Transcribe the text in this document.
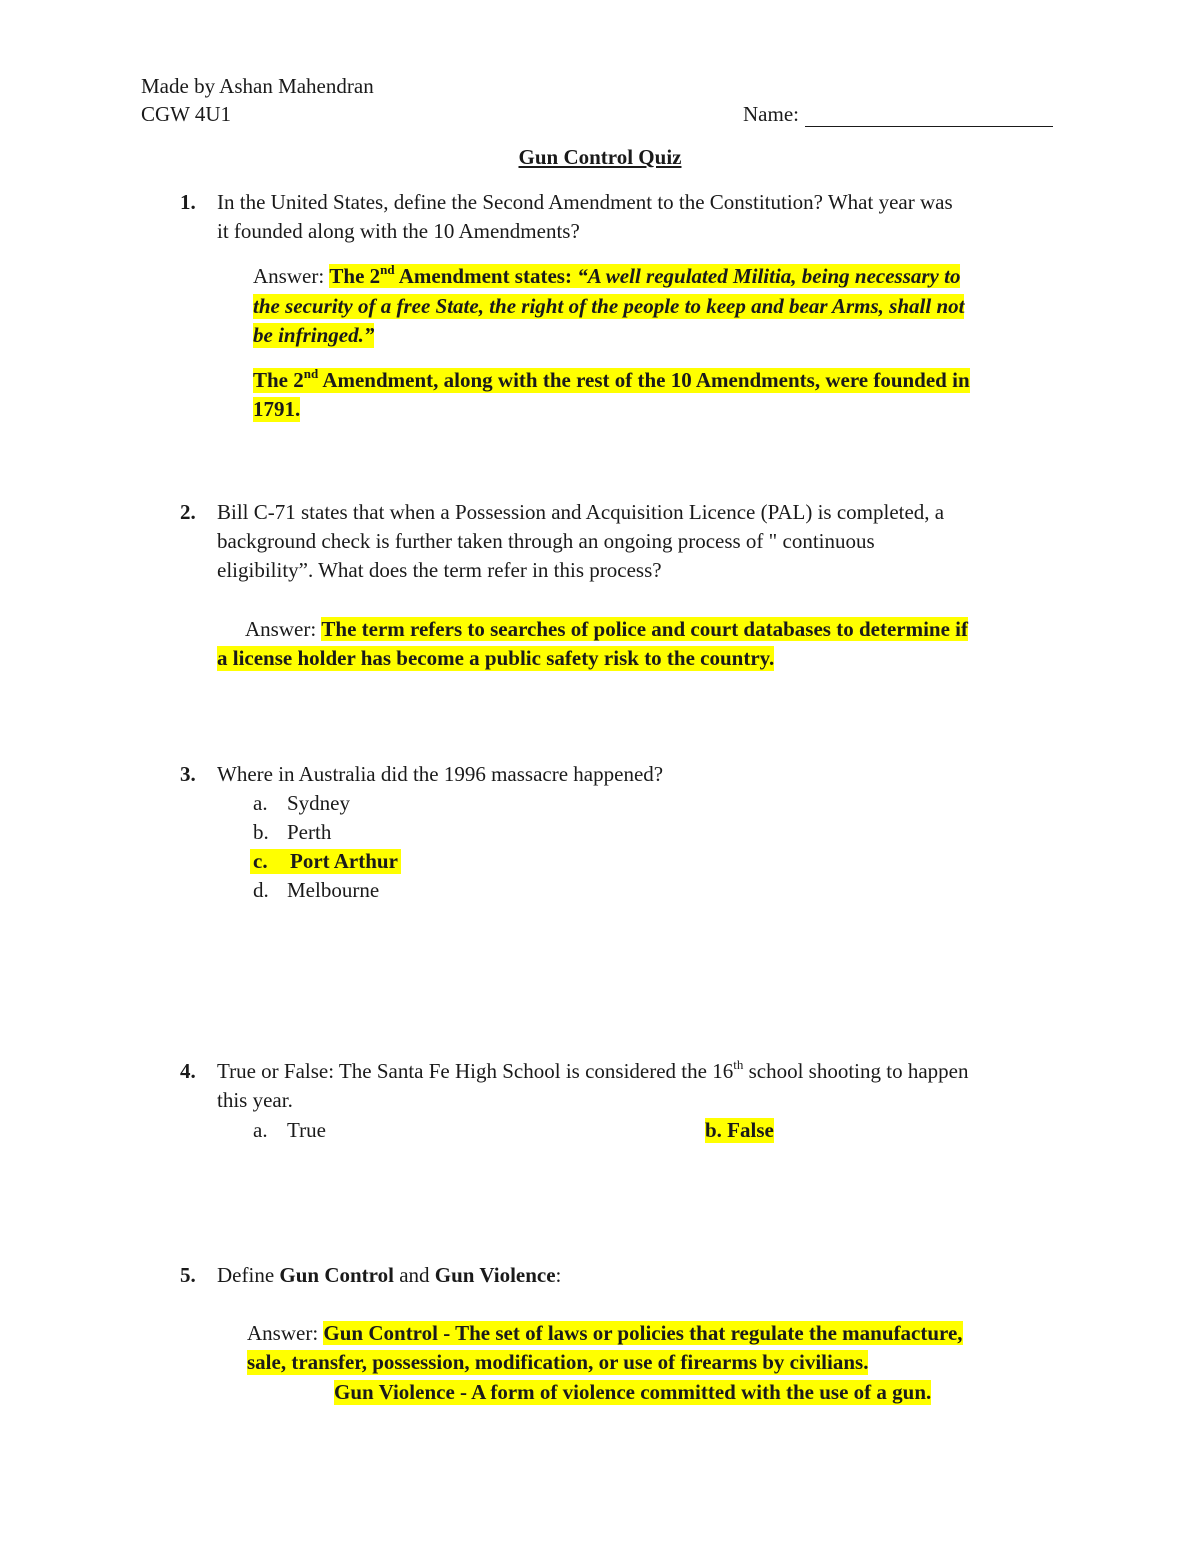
Made by Ashan Mahendran
CGW 4U1	Name:
Gun Control Quiz
1. In the United States, define the Second Amendment to the Constitution? What year was
it founded along with the 10 Amendments?
Answer: The 2nd Amendment states: “A well regulated Militia, being necessary to
the security of a free State, the right of the people to keep and bear Arms, shall not
be infringed.”
The 2nd Amendment, along with the rest of the 10 Amendments, were founded in
1791.
2. Bill C-71 states that when a Possession and Acquisition Licence (PAL) is completed, a
background check is further taken through an ongoing process of " continuous
eligibility”. What does the term refer in this process?
Answer: The term refers to searches of police and court databases to determine if
a license holder has become a public safety risk to the country.
3. Where in Australia did the 1996 massacre happened?
a. Sydney
b. Perth
c. Port Arthur
d. Melbourne
4. True or False: The Santa Fe High School is considered the 16th school shooting to happen
this year.
a. True	b. False
5. Define Gun Control and Gun Violence:
Answer: Gun Control - The set of laws or policies that regulate the manufacture,
sale, transfer, possession, modification, or use of firearms by civilians.
Gun Violence - A form of violence committed with the use of a gun.
